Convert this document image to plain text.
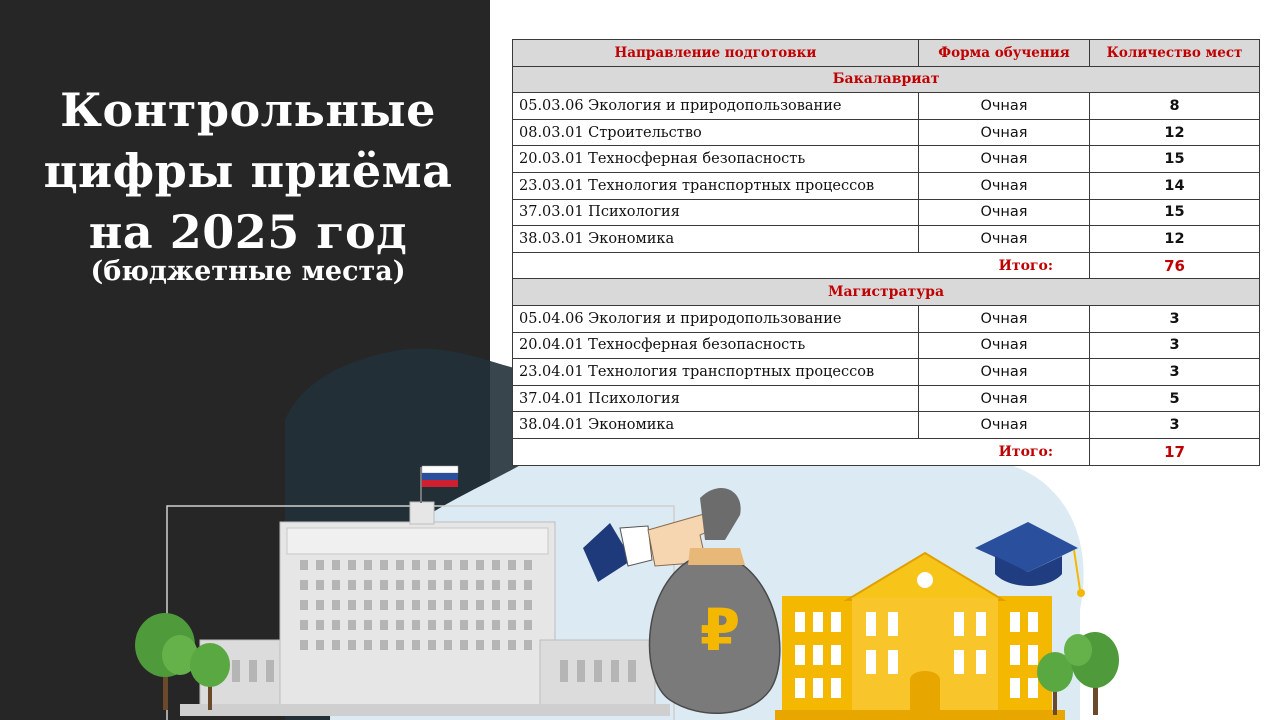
₽
Контрольные
цифры приёма
на 2025 год
(бюджетные места)
Направление подготовки	Форма обучения	Количество мест
Бакалавриат		
05.03.06 Экология и природопользование	Очная	8
08.03.01 Строительство	Очная	12
20.03.01 Техносферная безопасность	Очная	15
23.03.01 Технология транспортных процессов	Очная	14
37.03.01 Психология	Очная	15
38.03.01 Экономика	Очная	12
Итого:		76
Магистратура		
05.04.06 Экология и природопользование	Очная	3
20.04.01 Техносферная безопасность	Очная	3
23.04.01 Технология транспортных процессов	Очная	3
37.04.01 Психология	Очная	5
38.04.01 Экономика	Очная	3
Итого:		17
